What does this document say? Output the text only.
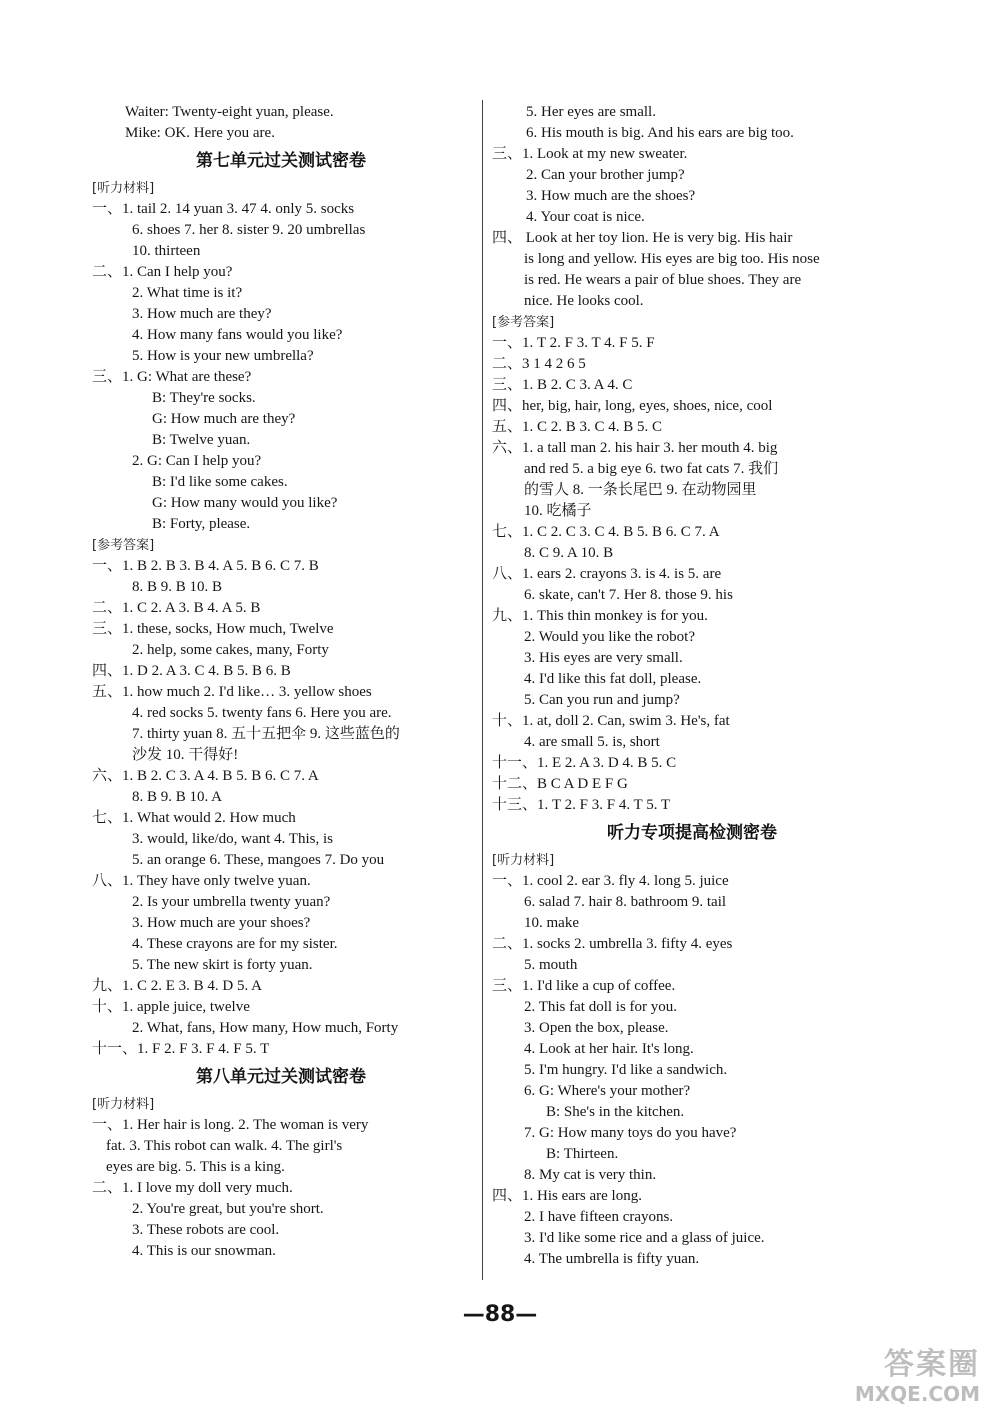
Waiter: Twenty-eight yuan, please.
Mike: OK. Here you are.
第七单元过关测试密卷
[听力材料]
一、1. tail 2. 14 yuan 3. 47 4. only 5. socks
6. shoes 7. her 8. sister 9. 20 umbrellas
10. thirteen
二、1. Can I help you?
2. What time is it?
3. How much are they?
4. How many fans would you like?
5. How is your new umbrella?
三、1. G: What are these?
B: They're socks.
G: How much are they?
B: Twelve yuan.
2. G: Can I help you?
B: I'd like some cakes.
G: How many would you like?
B: Forty, please.
[参考答案]
一、1. B 2. B 3. B 4. A 5. B 6. C 7. B
8. B 9. B 10. B
二、1. C 2. A 3. B 4. A 5. B
三、1. these, socks, How much, Twelve
2. help, some cakes, many, Forty
四、1. D 2. A 3. C 4. B 5. B 6. B
五、1. how much 2. I'd like… 3. yellow shoes
4. red socks 5. twenty fans 6. Here you are.
7. thirty yuan 8. 五十五把伞 9. 这些蓝色的
沙发 10. 干得好!
六、1. B 2. C 3. A 4. B 5. B 6. C 7. A
8. B 9. B 10. A
七、1. What would 2. How much
3. would, like/do, want 4. This, is
5. an orange 6. These, mangoes 7. Do you
八、1. They have only twelve yuan.
2. Is your umbrella twenty yuan?
3. How much are your shoes?
4. These crayons are for my sister.
5. The new skirt is forty yuan.
九、1. C 2. E 3. B 4. D 5. A
十、1. apple juice, twelve
2. What, fans, How many, How much, Forty
十一、1. F 2. F 3. F 4. F 5. T
第八单元过关测试密卷
[听力材料]
一、1. Her hair is long. 2. The woman is very
fat. 3. This robot can walk. 4. The girl's
eyes are big. 5. This is a king.
二、1. I love my doll very much.
2. You're great, but you're short.
3. These robots are cool.
4. This is our snowman.
5. Her eyes are small.
6. His mouth is big. And his ears are big too.
三、1. Look at my new sweater.
2. Can your brother jump?
3. How much are the shoes?
4. Your coat is nice.
四、 Look at her toy lion. He is very big. His hair
is long and yellow. His eyes are big too. His nose
is red. He wears a pair of blue shoes. They are
nice. He looks cool.
[参考答案]
一、1. T 2. F 3. T 4. F 5. F
二、3 1 4 2 6 5
三、1. B 2. C 3. A 4. C
四、her, big, hair, long, eyes, shoes, nice, cool
五、1. C 2. B 3. C 4. B 5. C
六、1. a tall man 2. his hair 3. her mouth 4. big
and red 5. a big eye 6. two fat cats 7. 我们
的雪人 8. 一条长尾巴 9. 在动物园里
10. 吃橘子
七、1. C 2. C 3. C 4. B 5. B 6. C 7. A
8. C 9. A 10. B
八、1. ears 2. crayons 3. is 4. is 5. are
6. skate, can't 7. Her 8. those 9. his
九、1. This thin monkey is for you.
2. Would you like the robot?
3. His eyes are very small.
4. I'd like this fat doll, please.
5. Can you run and jump?
十、1. at, doll 2. Can, swim 3. He's, fat
4. are small 5. is, short
十一、1. E 2. A 3. D 4. B 5. C
十二、B C A D E F G
十三、1. T 2. F 3. F 4. T 5. T
听力专项提高检测密卷
[听力材料]
一、1. cool 2. ear 3. fly 4. long 5. juice
6. salad 7. hair 8. bathroom 9. tail
10. make
二、1. socks 2. umbrella 3. fifty 4. eyes
5. mouth
三、1. I'd like a cup of coffee.
2. This fat doll is for you.
3. Open the box, please.
4. Look at her hair. It's long.
5. I'm hungry. I'd like a sandwich.
6. G: Where's your mother?
B: She's in the kitchen.
7. G: How many toys do you have?
B: Thirteen.
8. My cat is very thin.
四、1. His ears are long.
2. I have fifteen crayons.
3. I'd like some rice and a glass of juice.
4. The umbrella is fifty yuan.
—88—
答案圈
MXQE.COM
